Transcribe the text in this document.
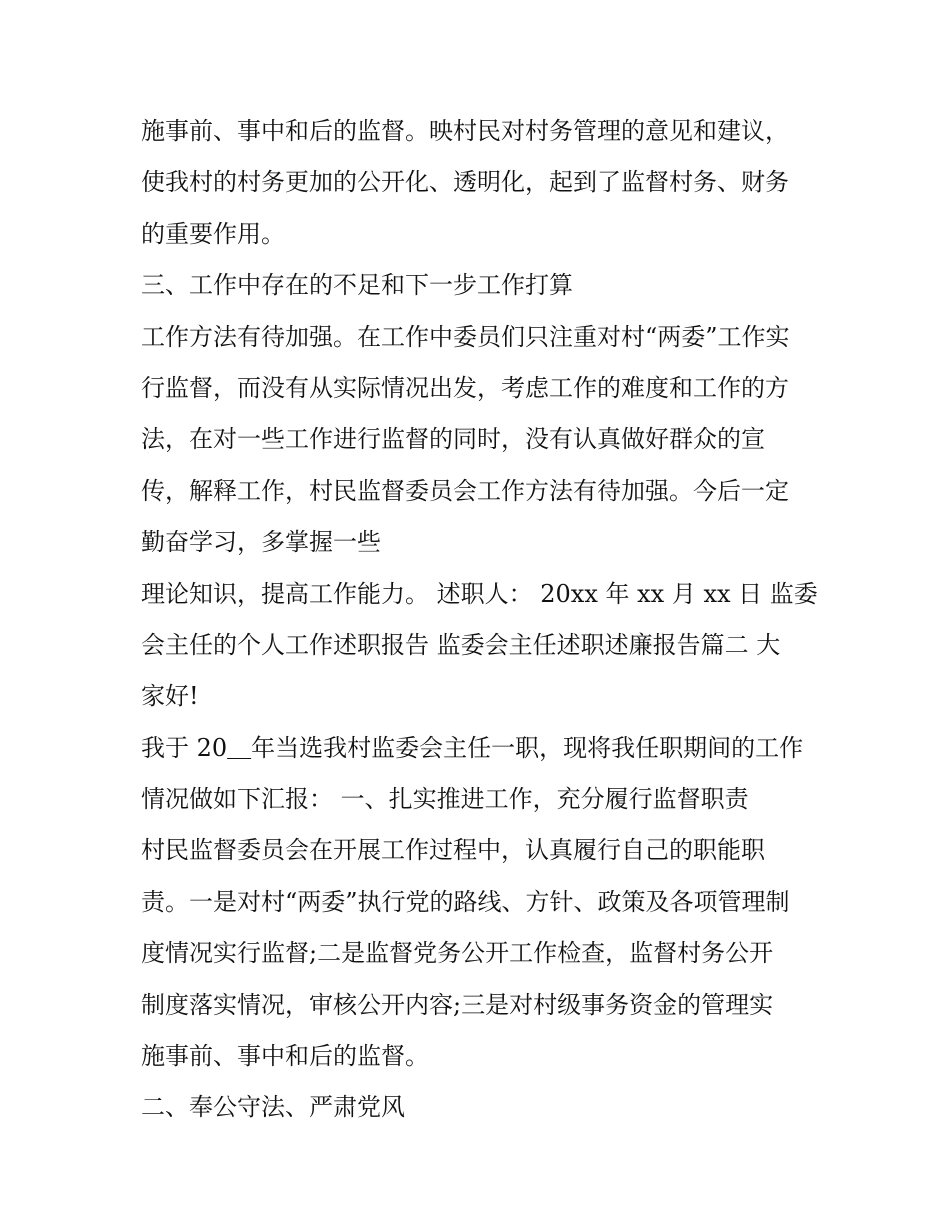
施事前、事中和后的监督。映村民对村务管理的意见和建议，
使我村的村务更加的公开化、透明化，起到了监督村务、财务
的重要作用。
三、工作中存在的不足和下一步工作打算
工作方法有待加强。在工作中委员们只注重对村“两委”工作实
行监督，而没有从实际情况出发，考虑工作的难度和工作的方
法，在对一些工作进行监督的同时，没有认真做好群众的宣
传，解释工作，村民监督委员会工作方法有待加强。今后一定
勤奋学习，多掌握一些
理论知识，提高工作能力。 述职人： 20xx 年 xx 月 xx 日 监委
会主任的个人工作述职报告 监委会主任述职述廉报告篇二 大
家好!
我于 20＿年当选我村监委会主任一职，现将我任职期间的工作
情况做如下汇报： 一、扎实推进工作，充分履行监督职责
村民监督委员会在开展工作过程中，认真履行自己的职能职
责。一是对村“两委”执行党的路线、方针、政策及各项管理制
度情况实行监督;二是监督党务公开工作检查，监督村务公开
制度落实情况，审核公开内容;三是对村级事务资金的管理实
施事前、事中和后的监督。
二、奉公守法、严肃党风
